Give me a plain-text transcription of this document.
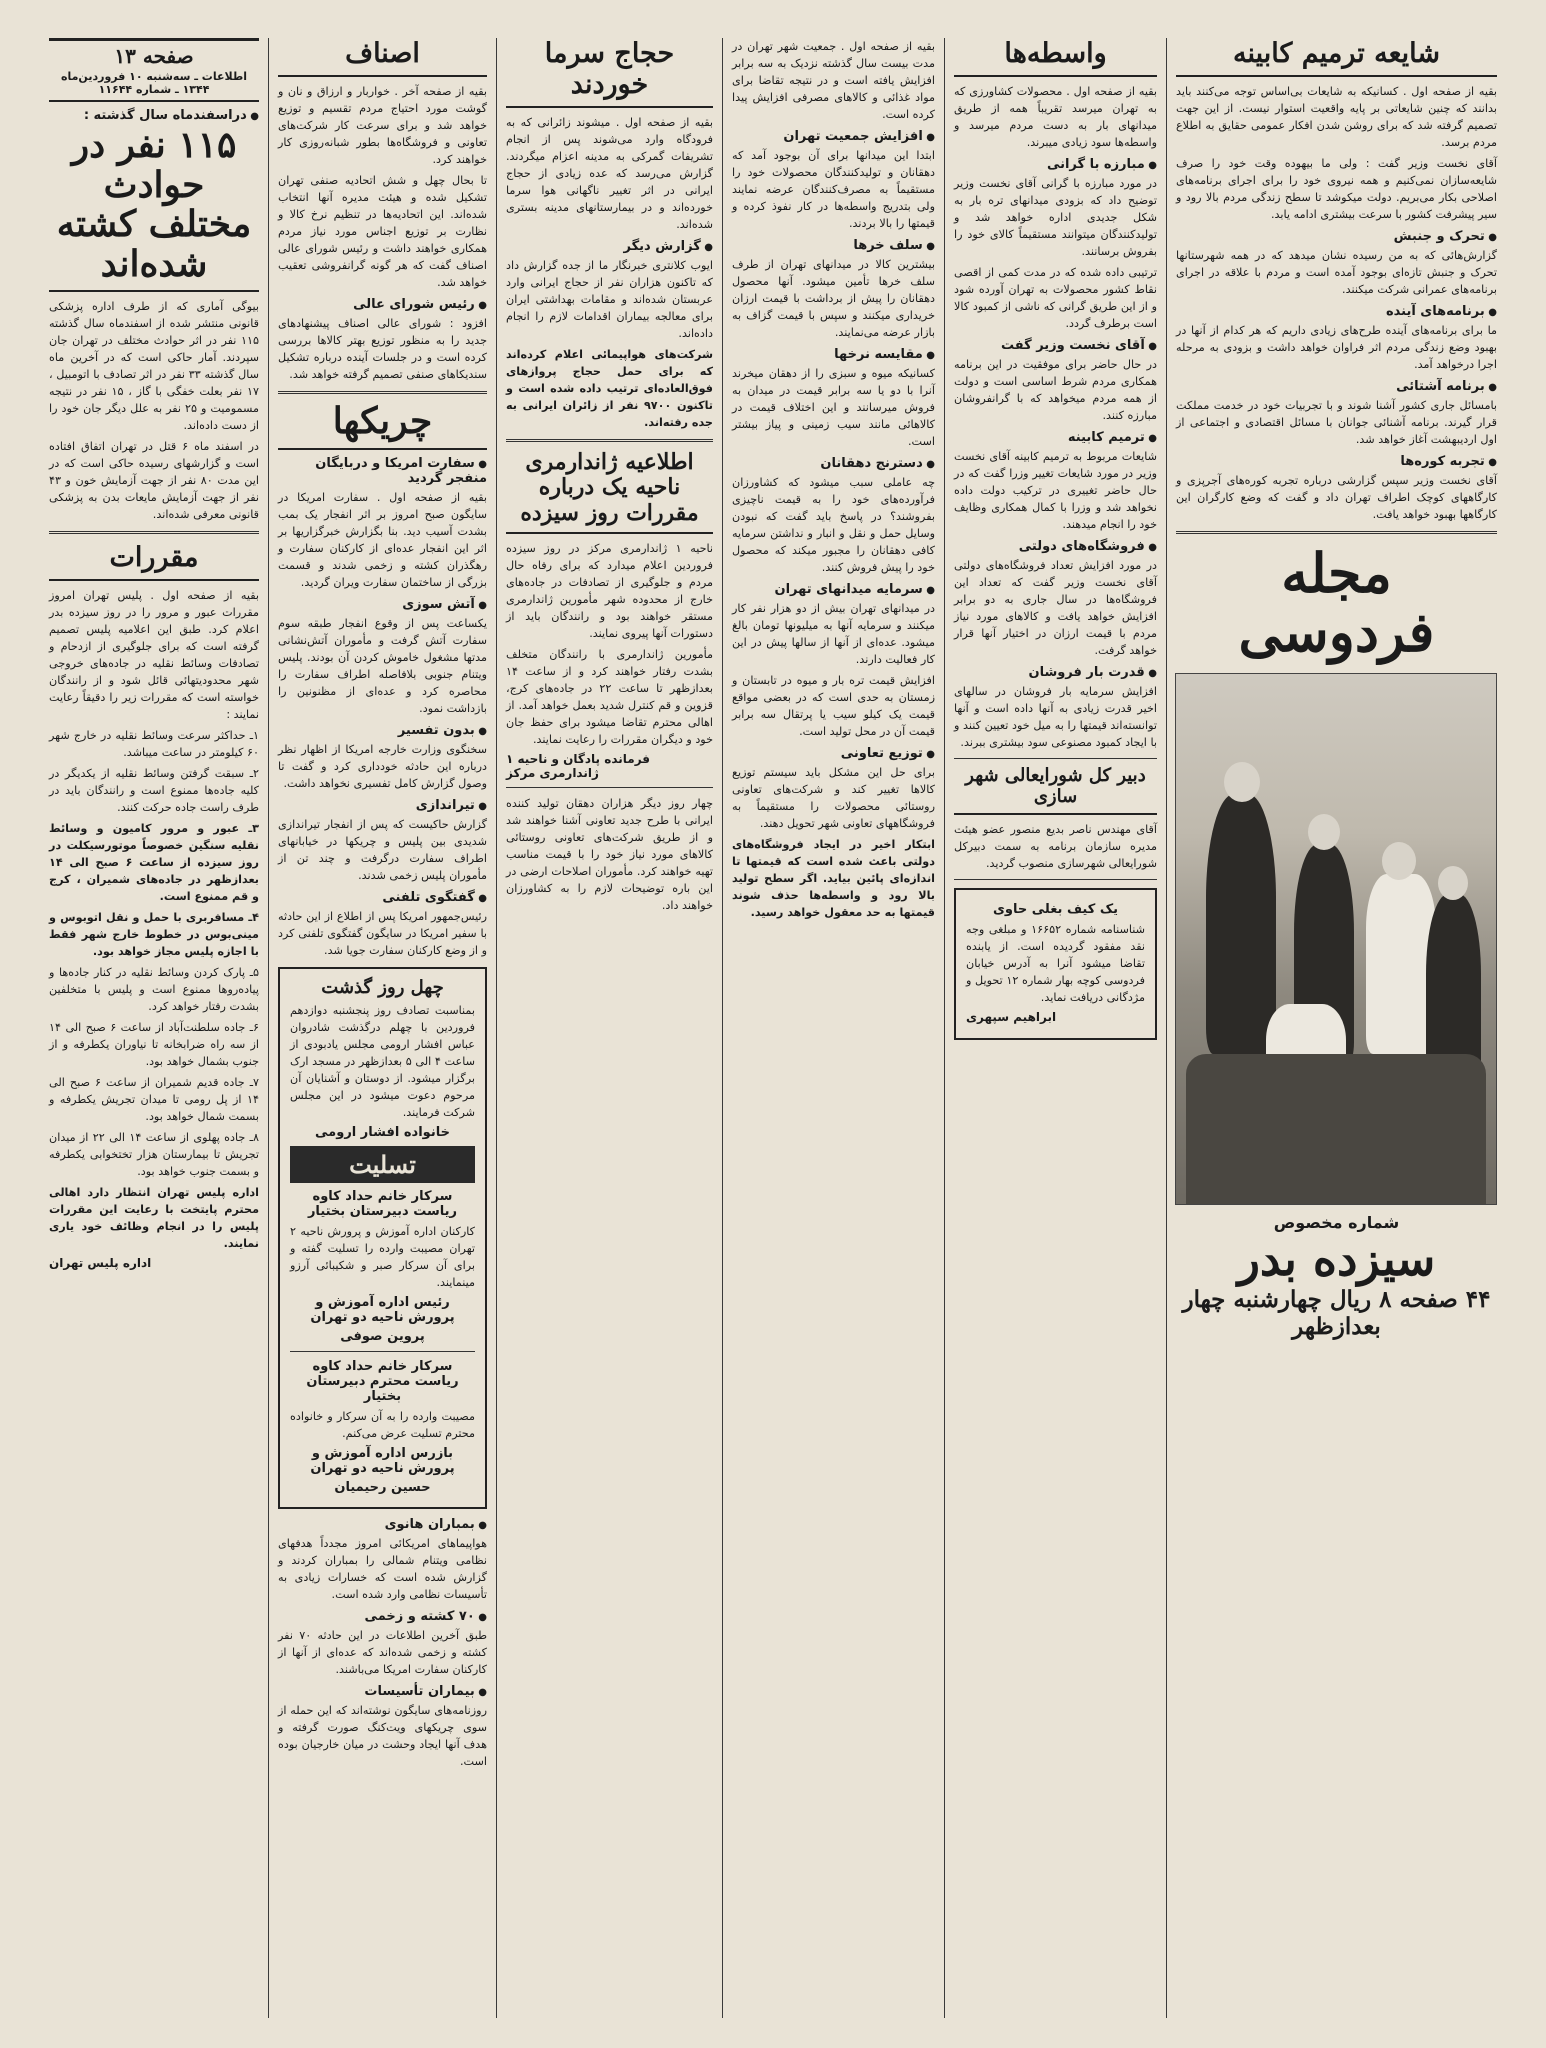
شایعه ترمیم کابینه

بقیه از صفحه اول . کسانیکه به شایعات بی‌اساس توجه می‌کنند باید بدانند که چنین شایعاتی بر پایه واقعیت استوار نیست. از این جهت تصمیم گرفته شد که برای روشن شدن افکار عمومی حقایق به اطلاع مردم برسد.

آقای نخست وزیر گفت : ولی ما بیهوده وقت خود را صرف شایعه‌سازان نمی‌کنیم و همه نیروی خود را برای اجرای برنامه‌های اصلاحی بکار می‌بریم. دولت میکوشد تا سطح زندگی مردم بالا رود و سیر پیشرفت کشور با سرعت بیشتری ادامه یابد.

● تحرک و جنبش

گزارش‌هائی که به من رسیده نشان میدهد که در همه شهرستانها تحرک و جنبش تازه‌ای بوجود آمده است و مردم با علاقه در اجرای برنامه‌های عمرانی شرکت میکنند.

● برنامه‌های آینده

ما برای برنامه‌های آینده طرح‌های زیادی داریم که هر کدام از آنها در بهبود وضع زندگی مردم اثر فراوان خواهد داشت و بزودی به مرحله اجرا درخواهد آمد.

● برنامه آشتائی

بامسائل جاری کشور آشنا شوند و با تجربیات خود در خدمت مملکت قرار گیرند. برنامه آشنائی جوانان با مسائل اقتصادی و اجتماعی از اول اردیبهشت آغاز خواهد شد.

● تجربه کوره‌ها

آقای نخست وزیر سپس گزارشی درباره تجربه کوره‌های آجرپزی و کارگاههای کوچک اطراف تهران داد و گفت که وضع کارگران این کارگاهها بهبود خواهد یافت.

مجله فردوسی
شماره مخصوص
سیزده بدر
۴۴ صفحه ۸ ریال چهارشنبه چهار بعدازظهر
واسطه‌ها

بقیه از صفحه اول . محصولات کشاورزی که به تهران میرسد تقریباً همه از طریق میدانهای بار به دست مردم میرسد و واسطه‌ها سود زیادی میبرند.

● مبارزه با گرانی

در مورد مبارزه با گرانی آقای نخست وزیر توضیح داد که بزودی میدانهای تره بار به شکل جدیدی اداره خواهد شد و تولیدکنندگان میتوانند مستقیماً کالای خود را بفروش برسانند.

ترتیبی داده شده که در مدت کمی از اقصی نقاط کشور محصولات به تهران آورده شود و از این طریق گرانی که ناشی از کمبود کالا است برطرف گردد.

● آقای نخست وزیر گفت

در حال حاضر برای موفقیت در این برنامه همکاری مردم شرط اساسی است و دولت از همه مردم میخواهد که با گرانفروشان مبارزه کنند.

● ترمیم کابینه

شایعات مربوط به ترمیم کابینه آقای نخست وزیر در مورد شایعات تغییر وزرا گفت که در حال حاضر تغییری در ترکیب دولت داده نخواهد شد و وزرا با کمال همکاری وظایف خود را انجام میدهند.

● فروشگاه‌های دولتی

در مورد افزایش تعداد فروشگاه‌های دولتی آقای نخست وزیر گفت که تعداد این فروشگاه‌ها در سال جاری به دو برابر افزایش خواهد یافت و کالاهای مورد نیاز مردم با قیمت ارزان در اختیار آنها قرار خواهد گرفت.

● قدرت بار فروشان

افزایش سرمایه بار فروشان در سالهای اخیر قدرت زیادی به آنها داده است و آنها توانسته‌اند قیمتها را به میل خود تعیین کنند و با ایجاد کمبود مصنوعی سود بیشتری ببرند.

دبیر کل شورایعالی شهر سازی

آقای مهندس ناصر بدیع منصور عضو هیئت مدیره سازمان برنامه به سمت دبیرکل شورایعالی شهرسازی منصوب گردید.

یک کیف بغلی حاوی

شناسنامه شماره ۱۶۶۵۲ و مبلغی وجه نقد مفقود گردیده است. از یابنده تقاضا میشود آنرا به آدرس خیابان فردوسی کوچه بهار شماره ۱۲ تحویل و مژدگانی دریافت نماید.

ابراهیم سپهری

بقیه از صفحه اول . جمعیت شهر تهران در مدت بیست سال گذشته نزدیک به سه برابر افزایش یافته است و در نتیجه تقاضا برای مواد غذائی و کالاهای مصرفی افزایش پیدا کرده است.

● افزایش جمعیت تهران

ابتدا این میدانها برای آن بوجود آمد که دهقانان و تولیدکنندگان محصولات خود را مستقیماً به مصرف‌کنندگان عرضه نمایند ولی بتدریج واسطه‌ها در کار نفوذ کرده و قیمتها را بالا بردند.

● سلف خرها

بیشترین کالا در میدانهای تهران از طرف سلف خرها تأمین میشود. آنها محصول دهقانان را پیش از برداشت با قیمت ارزان خریداری میکنند و سپس با قیمت گزاف به بازار عرضه می‌نمایند.

● مقایسه نرخها

کسانیکه میوه و سبزی را از دهقان میخرند آنرا با دو یا سه برابر قیمت در میدان به فروش میرسانند و این اختلاف قیمت در کالاهائی مانند سیب زمینی و پیاز بیشتر است.

● دسترنج دهقانان

چه عاملی سبب میشود که کشاورزان فرآورده‌های خود را به قیمت ناچیزی بفروشند؟ در پاسخ باید گفت که نبودن وسایل حمل و نقل و انبار و نداشتن سرمایه کافی دهقانان را مجبور میکند که محصول خود را پیش فروش کنند.

● سرمایه میدانهای تهران

در میدانهای تهران بیش از دو هزار نفر کار میکنند و سرمایه آنها به میلیونها تومان بالغ میشود. عده‌ای از آنها از سالها پیش در این کار فعالیت دارند.

افزایش قیمت تره بار و میوه در تابستان و زمستان به حدی است که در بعضی مواقع قیمت یک کیلو سیب یا پرتقال سه برابر قیمت آن در محل تولید است.

● توزیع تعاونی

برای حل این مشکل باید سیستم توزیع کالاها تغییر کند و شرکت‌های تعاونی روستائی محصولات را مستقیماً به فروشگاههای تعاونی شهر تحویل دهند.

ابتکار اخیر در ایجاد فروشگاه‌های دولتی باعث شده است که قیمتها تا اندازه‌ای پائین بیاید. اگر سطح تولید بالا رود و واسطه‌ها حذف شوند قیمتها به حد معقول خواهد رسید.

حجاج سرما خوردند

بقیه از صفحه اول . میشوند زائرانی که به فرودگاه وارد می‌شوند پس از انجام تشریفات گمرکی به مدینه اعزام میگردند. گزارش می‌رسد که عده زیادی از حجاج ایرانی در اثر تغییر ناگهانی هوا سرما خورده‌اند و در بیمارستانهای مدینه بستری شده‌اند.

● گزارش دیگر

ایوب کلانتری خبرنگار ما از جده گزارش داد که تاکنون هزاران نفر از حجاج ایرانی وارد عربستان شده‌اند و مقامات بهداشتی ایران برای معالجه بیماران اقدامات لازم را انجام داده‌اند.

شرکت‌های هواپیمائی اعلام کرده‌اند که برای حمل حجاج پروازهای فوق‌العاده‌ای ترتیب داده شده است و تاکنون ۹۷۰۰ نفر از زائران ایرانی به جده رفته‌اند.

اطلاعیه ژاندارمری ناحیه یک درباره مقررات روز سیزده

ناحیه ۱ ژاندارمری مرکز در روز سیزده فروردین اعلام میدارد که برای رفاه حال مردم و جلوگیری از تصادفات در جاده‌های خارج از محدوده شهر مأمورین ژاندارمری مستقر خواهند بود و رانندگان باید از دستورات آنها پیروی نمایند.

مأمورین ژاندارمری با رانندگان متخلف بشدت رفتار خواهند کرد و از ساعت ۱۴ بعدازظهر تا ساعت ۲۲ در جاده‌های کرج، قزوین و قم کنترل شدید بعمل خواهد آمد. از اهالی محترم تقاضا میشود برای حفظ جان خود و دیگران مقررات را رعایت نمایند.

فرمانده پادگان و ناحیه ۱ ژاندارمری مرکز

چهار روز دیگر هزاران دهقان تولید کننده ایرانی با طرح جدید تعاونی آشنا خواهند شد و از طریق شرکت‌های تعاونی روستائی کالاهای مورد نیاز خود را با قیمت مناسب تهیه خواهند کرد. مأموران اصلاحات ارضی در این باره توضیحات لازم را به کشاورزان خواهند داد.

اصناف

بقیه از صفحه آخر . خواربار و ارزاق و نان و گوشت مورد احتیاج مردم تقسیم و توزیع خواهد شد و برای سرعت کار شرکت‌های تعاونی و فروشگاه‌ها بطور شبانه‌روزی کار خواهند کرد.

تا بحال چهل و شش اتحادیه صنفی تهران تشکیل شده و هیئت مدیره آنها انتخاب شده‌اند. این اتحادیه‌ها در تنظیم نرخ کالا و نظارت بر توزیع اجناس مورد نیاز مردم همکاری خواهند داشت و رئیس شورای عالی اصناف گفت که هر گونه گرانفروشی تعقیب خواهد شد.

● رئیس شورای عالی

افزود : شورای عالی اصناف پیشنهادهای جدید را به منظور توزیع بهتر کالاها بررسی کرده است و در جلسات آینده درباره تشکیل سندیکاهای صنفی تصمیم گرفته خواهد شد.

چریکها
● سفارت امریکا و دربایگان منفجر گردید

بقیه از صفحه اول . سفارت امریکا در سایگون صبح امروز بر اثر انفجار یک بمب بشدت آسیب دید. بنا بگزارش خبرگزاریها بر اثر این انفجار عده‌ای از کارکنان سفارت و رهگذران کشته و زخمی شدند و قسمت بزرگی از ساختمان سفارت ویران گردید.

● آتش سوزی

یکساعت پس از وقوع انفجار طبقه سوم سفارت آتش گرفت و مأموران آتش‌نشانی مدتها مشغول خاموش کردن آن بودند. پلیس ویتنام جنوبی بلافاصله اطراف سفارت را محاصره کرد و عده‌ای از مظنونین را بازداشت نمود.

● بدون تفسیر

سخنگوی وزارت خارجه امریکا از اظهار نظر درباره این حادثه خودداری کرد و گفت تا وصول گزارش کامل تفسیری نخواهد داشت.

● تیراندازی

گزارش حاکیست که پس از انفجار تیراندازی شدیدی بین پلیس و چریکها در خیابانهای اطراف سفارت درگرفت و چند تن از مأموران پلیس زخمی شدند.

● گفتگوی تلفنی

رئیس‌جمهور امریکا پس از اطلاع از این حادثه با سفیر امریکا در سایگون گفتگوی تلفنی کرد و از وضع کارکنان سفارت جویا شد.

چهل روز گذشت

بمناسبت تصادف روز پنجشنبه دوازدهم فروردین با چهلم درگذشت شادروان عباس افشار ارومی مجلس یادبودی از ساعت ۴ الی ۵ بعدازظهر در مسجد ارک برگزار میشود. از دوستان و آشنایان آن مرحوم دعوت میشود در این مجلس شرکت فرمایند.

خانواده افشار ارومی
تسلیت
سرکار خانم حداد کاوه ریاست دبیرستان بختیار

کارکنان اداره آموزش و پرورش ناحیه ۲ تهران مصیبت وارده را تسلیت گفته و برای آن سرکار صبر و شکیبائی آرزو مینمایند.

رئیس اداره آموزش و پرورش ناحیه دو تهران
پروین صوفی
سرکار خانم حداد کاوه ریاست محترم دبیرستان بختیار

مصیبت وارده را به آن سرکار و خانواده محترم تسلیت عرض می‌کنم.

بازرس اداره آموزش و پرورش ناحیه دو تهران
حسین رحیمیان
● بمباران هانوی

هواپیماهای امریکائی امروز مجدداً هدفهای نظامی ویتنام شمالی را بمباران کردند و گزارش شده است که خسارات زیادی به تأسیسات نظامی وارد شده است.

● ۷۰ کشته و زخمی

طبق آخرین اطلاعات در این حادثه ۷۰ نفر کشته و زخمی شده‌اند که عده‌ای از آنها از کارکنان سفارت امریکا می‌باشند.

● بیماران تأسیسات

روزنامه‌های سایگون نوشته‌اند که این حمله از سوی چریکهای ویت‌کنگ صورت گرفته و هدف آنها ایجاد وحشت در میان خارجیان بوده است.

صفحه ۱۳
اطلاعات ـ سه‌شنبه ۱۰ فروردین‌ماه ۱۳۴۴ ـ شماره ۱۱۶۴۴
● دراسفندماه سال گذشته :
۱۱۵ نفر در حوادث مختلف کشته شده‌اند

بیوگی آماری که از طرف اداره پزشکی قانونی منتشر شده از اسفندماه سال گذشته ۱۱۵ نفر در اثر حوادث مختلف در تهران جان سپردند. آمار حاکی است که در آخرین ماه سال گذشته ۳۳ نفر در اثر تصادف با اتومبیل ، ۱۷ نفر بعلت خفگی با گاز ، ۱۵ نفر در نتیجه مسمومیت و ۲۵ نفر به علل دیگر جان خود را از دست داده‌اند.

در اسفند ماه ۶ قتل در تهران اتفاق افتاده است و گزارشهای رسیده حاکی است که در این مدت ۸۰ نفر از جهت آزمایش خون و ۴۳ نفر از جهت آزمایش مایعات بدن به پزشکی قانونی معرفی شده‌اند.

مقررات

بقیه از صفحه اول . پلیس تهران امروز مقررات عبور و مرور را در روز سیزده بدر اعلام کرد. طبق این اعلامیه پلیس تصمیم گرفته است که برای جلوگیری از ازدحام و تصادفات وسائط نقلیه در جاده‌های خروجی شهر محدودیتهائی قائل شود و از رانندگان خواسته است که مقررات زیر را دقیقاً رعایت نمایند :

۱ـ حداکثر سرعت وسائط نقلیه در خارج شهر ۶۰ کیلومتر در ساعت میباشد.

۲ـ سبقت گرفتن وسائط نقلیه از یکدیگر در کلیه جاده‌ها ممنوع است و رانندگان باید در طرف راست جاده حرکت کنند.

۳ـ عبور و مرور کامیون و وسائط نقلیه سنگین خصوصاً موتورسیکلت در روز سیزده از ساعت ۶ صبح الی ۱۴ بعدازظهر در جاده‌های شمیران ، کرج و قم ممنوع است.

۴ـ مسافربری با حمل و نقل اتوبوس و مینی‌بوس در خطوط خارج شهر فقط با اجازه پلیس مجاز خواهد بود.

۵ـ پارک کردن وسائط نقلیه در کنار جاده‌ها و پیاده‌روها ممنوع است و پلیس با متخلفین بشدت رفتار خواهد کرد.

۶ـ جاده سلطنت‌آباد از ساعت ۶ صبح الی ۱۴ از سه راه ضرابخانه تا نیاوران یکطرفه و از جنوب بشمال خواهد بود.

۷ـ جاده قدیم شمیران از ساعت ۶ صبح الی ۱۴ از پل رومی تا میدان تجریش یکطرفه و بسمت شمال خواهد بود.

۸ـ جاده پهلوی از ساعت ۱۴ الی ۲۲ از میدان تجریش تا بیمارستان هزار تختخوابی یکطرفه و بسمت جنوب خواهد بود.

اداره پلیس تهران انتظار دارد اهالی محترم پایتخت با رعایت این مقررات پلیس را در انجام وظائف خود یاری نمایند.

اداره پلیس تهران
